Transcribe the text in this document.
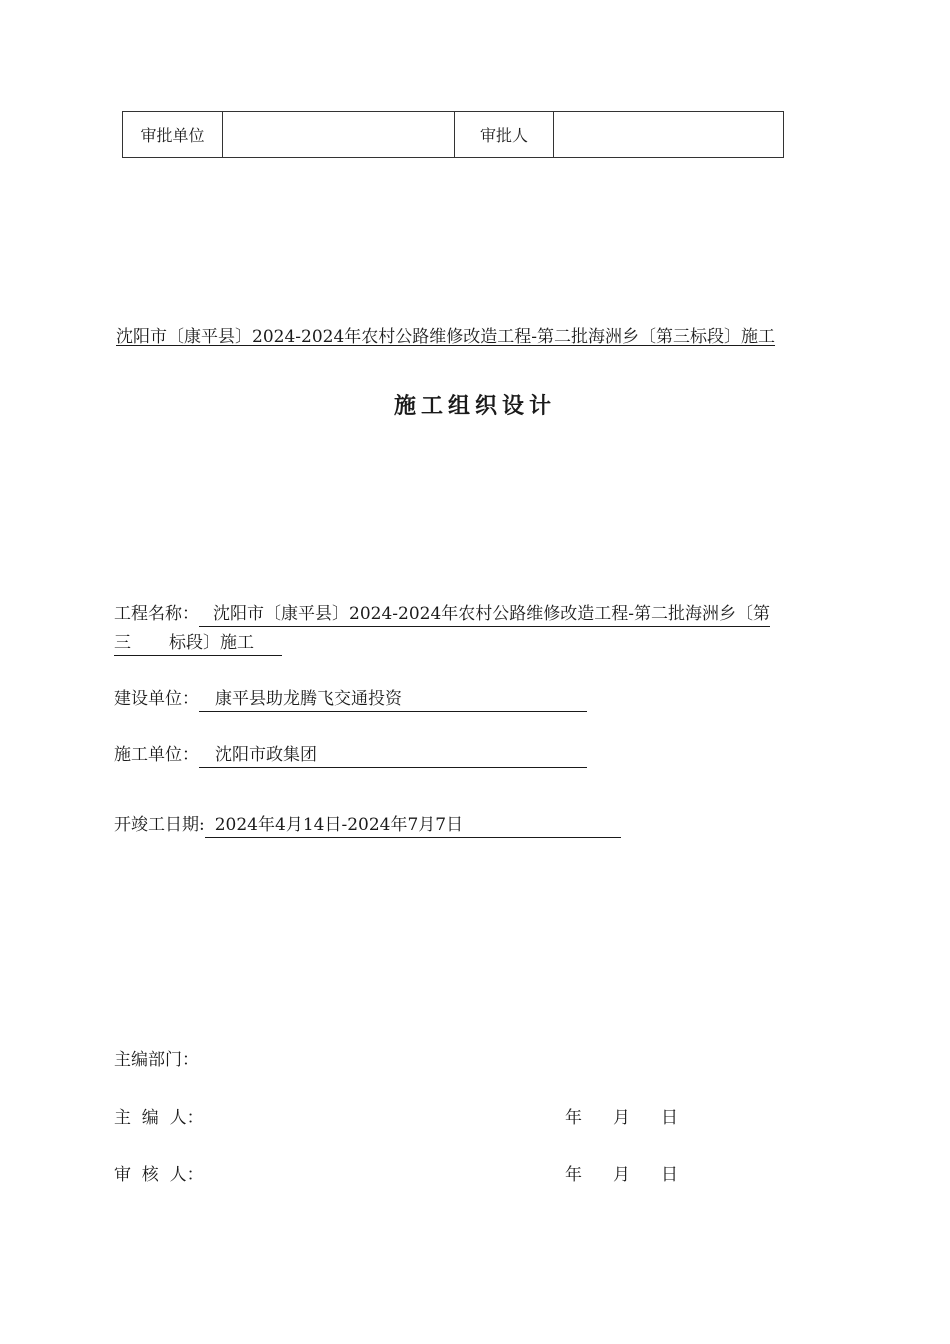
审批单位		审批人	
沈阳市〔康平县〕2024-2024年农村公路维修改造工程-第二批海洲乡〔第三标段〕施工
施工组织设计
工程名称： 沈阳市〔康平县〕2024-2024年农村公路维修改造工程-第二批海洲乡〔第
三 标段〕施工
建设单位： 康平县助龙腾飞交通投资
施工单位： 沈阳市政集团
开竣工日期: 2024年4月14日-2024年7月7日
主编部门：
主  编  人：	年 月 日
审  核  人：	年 月 日
